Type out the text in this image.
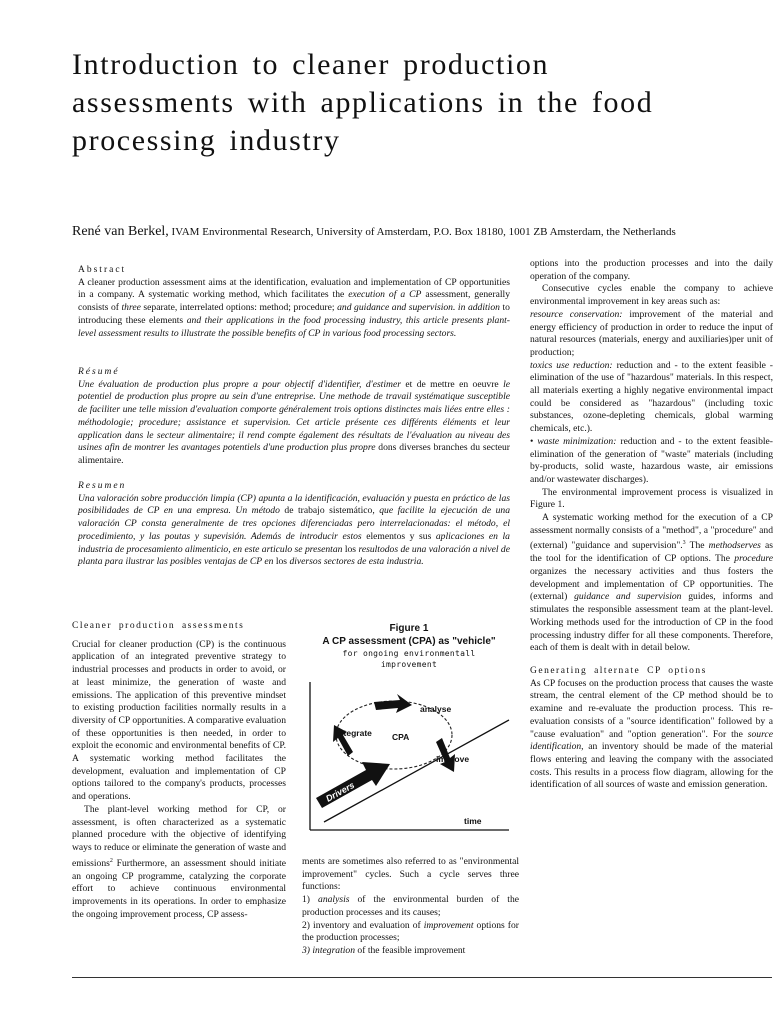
Introduction to cleaner production assessments with applications in the food processing industry
René van Berkel, IVAM Environmental Research, University of Amsterdam, P.O. Box 18180, 1001 ZB Amsterdam, the Netherlands
Abstract

A cleaner production assessment aims at the identification, evaluation and implementation of CP opportunities in a company. A systematic working method, which facilitates the execution of a CP assessment, generally consists of three separate, interrelated options: method; procedure; and guidance and supervision. in addition to introducing these elements and their applications in the food processing industry, this article presents plant-level assessment results to illustrate the possible benefits of CP in various food processing sectors.

Résumé

Une évaluation de production plus propre a pour objectif d'identifier, d'estimer et de mettre en oeuvre le potentiel de production plus propre au sein d'une entreprise. Une methode de travail systématique susceptible de faciliter une telle mission d'evaluation comporte généralement trois options distinctes mais liées entre elles : méthodologie; procedure; assistance et supervision. Cet article présente ces différents éléments et leur application dans le secteur alimentaire; il rend compte également des résultats de l'évaluation au niveau des usines afin de montrer les avantages potentiels d'une production plus propre dons diverses branches du secteur alimentaire.

Resumen

Una valoración sobre producción limpia (CP) apunta a la identificación, evaluación y puesta en práctico de las posibilidades de CP en una empresa. Un método de trabajo sistemático, que facilite la ejecución de una valoración CP consta generalmente de tres opciones diferenciadas pero interrelacionadas: el método, el procedimiento, y las poutas y supevisión. Además de introducir estos elementos y sus aplicaciones en la industria de procesamiento alimenticio, en este articulo se presentan los resultodos de una valoración a nivel de planta para ilustrar las posibles ventajas de CP en los diversos sectores de esta industria.

Cleaner production assessments

Crucial for cleaner production (CP) is the continuous application of an integrated preventive strategy to industrial processes and products in order to avoid, or at least minimize, the generation of waste and emissions. The application of this preventive mindset to existing production facilities normally results in a diversity of CP opportunities. A comparative evaluation of these opportunities is then needed, in order to exploit the economic and environmental benefits of CP. A systematic working method facilitates the development, evaluation and implementation of CP options tailored to the company's products, processes and operations.

The plant-level working method for CP, or assessment, is often characterized as a systematic planned procedure with the objective of identifying ways to reduce or eliminate the generation of waste and emissions$^2$ Furthermore, an assessment should initiate an ongoing CP programme, catalyzing the corporate effort to achieve continuous environmental improvements in its operations. In order to emphasize the ongoing improvement process, CP assess-

Figure 1
A CP assessment (CPA) as "vehicle"
for ongoing environmentall
improvement
analyse
integrate CPA
improve
Drivers
time

ments are sometimes also referred to as "environmental improvement" cycles. Such a cycle serves three functions:

1) analysis of the environmental burden of the production processes and its causes;

2) inventory and evaluation of improvement options for the production processes;

3) integration of the feasible improvement

options into the production processes and into the daily operation of the company.

Consecutive cycles enable the company to achieve environmental improvement in key areas such as:

resource conservation: improvement of the material and energy efficiency of production in order to reduce the input of natural resources (materials, energy and auxiliaries)per unit of production;

toxics use reduction: reduction and - to the extent feasible - elimination of the use of "hazardous" materials. In this respect, all materials exerting a highly negative environmental impact could be considered as "hazardous" (including toxic substances, ozone-depleting chemicals, global warming chemicals, etc.).

• waste minimization: reduction and - to the extent feasible-elimination of the generation of "waste" materials (including by-products, solid waste, hazardous waste, air emissions and/or wastewater discharges).

The environmental improvement process is visualized in Figure 1.

A systematic working method for the execution of a CP assessment normally consists of a "method", a "procedure" and (external) "guidance and supervision".$^3$ The methodserves as the tool for the identification of CP options. The procedure organizes the necessary activities and thus fosters the development and implementation of CP opportunities. The (external) guidance and supervision guides, informs and stimulates the responsible assessment team at the plant-level. Working methods used for the introduction of CP in the food processing industry differ for all these components. Therefore, each of them is dealt with in detail below.

Generating alternate CP options

As CP focuses on the production process that causes the waste stream, the central element of the CP method should be to examine and re-evaluate the production process. This re-evaluation consists of a "source identification" followed by a "cause evaluation" and "option generation". For the source identification, an inventory should be made of the material flows entering and leaving the company with the associated costs. This results in a process flow diagram, allowing for the identification of all sources of waste and emission generation.
